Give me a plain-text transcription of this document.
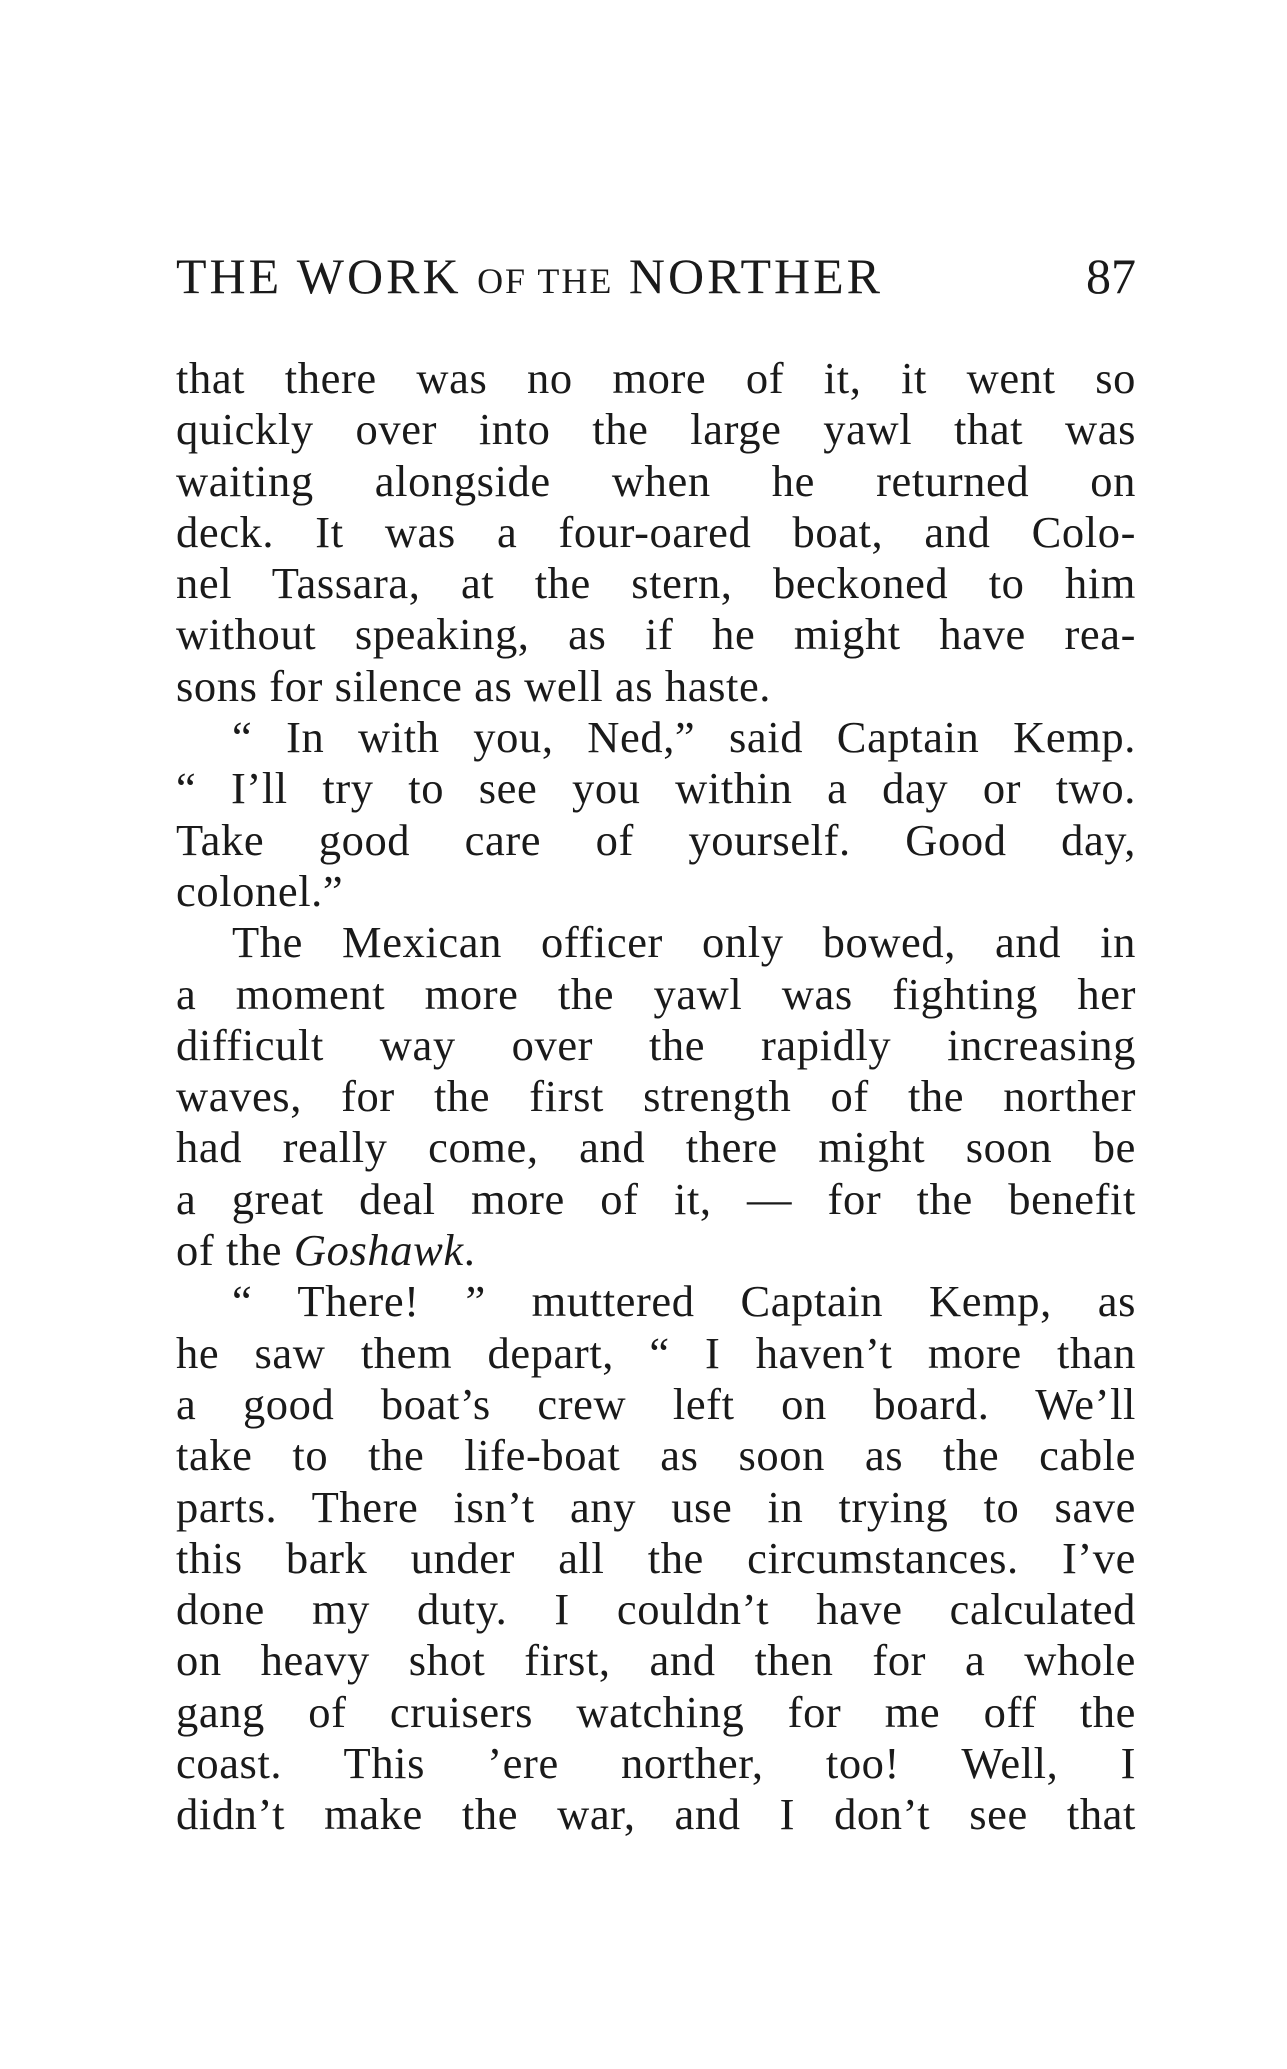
THE WORK OF THE NORTHER	87
that there was no more of it, it went so
quickly over into the large yawl that was
waiting alongside when he returned on
deck. It was a four-oared boat, and Colo-
nel Tassara, at the stern, beckoned to him
without speaking, as if he might have rea-
sons for silence as well as haste.
“ In with you, Ned,” said Captain Kemp.
“ I’ll try to see you within a day or two.
Take good care of yourself. Good day,
colonel.”
The Mexican officer only bowed, and in
a moment more the yawl was fighting her
difficult way over the rapidly increasing
waves, for the first strength of the norther
had really come, and there might soon be
a great deal more of it, — for the benefit
of the Goshawk.
“ There! ” muttered Captain Kemp, as
he saw them depart, “ I haven’t more than
a good boat’s crew left on board. We’ll
take to the life-boat as soon as the cable
parts. There isn’t any use in trying to save
this bark under all the circumstances. I’ve
done my duty. I couldn’t have calculated
on heavy shot first, and then for a whole
gang of cruisers watching for me off the
coast. This ’ere norther, too! Well, I
didn’t make the war, and I don’t see that
